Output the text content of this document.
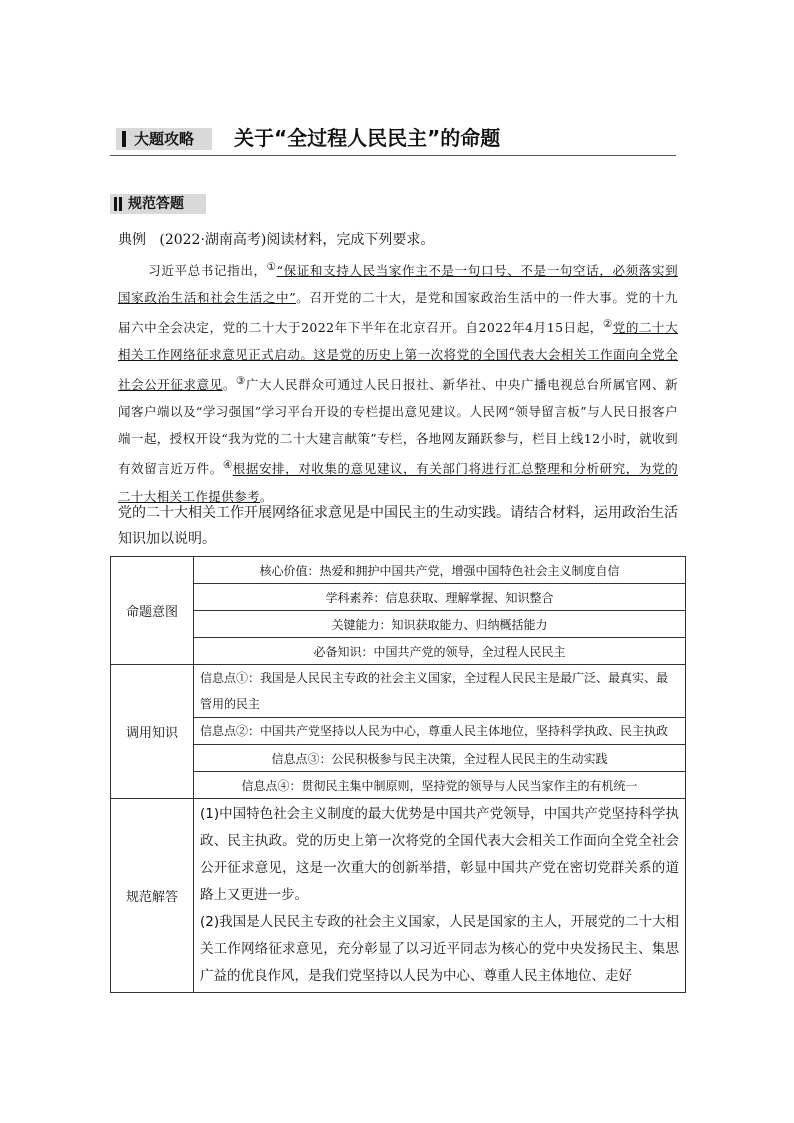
大题攻略	关于“全过程人民民主”的命题
规范答题
典例 (2022·湖南高考)阅读材料，完成下列要求。
习近平总书记指出，①“保证和支持人民当家作主不是一句口号、不是一句空话，必须落实到国家政治生活和社会生活之中”。召开党的二十大，是党和国家政治生活中的一件大事。党的十九届六中全会决定，党的二十大于2022年下半年在北京召开。自2022年4月15日起，②党的二十大相关工作网络征求意见正式启动。这是党的历史上第一次将党的全国代表大会相关工作面向全党全社会公开征求意见。③广大人民群众可通过人民日报社、新华社、中央广播电视总台所属官网、新闻客户端以及“学习强国”学习平台开设的专栏提出意见建议。人民网“领导留言板”与人民日报客户端一起，授权开设“我为党的二十大建言献策”专栏，各地网友踊跃参与，栏目上线12小时，就收到有效留言近万件。④根据安排，对收集的意见建议，有关部门将进行汇总整理和分析研究，为党的二十大相关工作提供参考。
党的二十大相关工作开展网络征求意见是中国民主的生动实践。请结合材料，运用政治生活知识加以说明。
命题意图	核心价值：热爱和拥护中国共产党，增强中国特色社会主义制度自信
	学科素养：信息获取、理解掌握、知识整合
	关键能力：知识获取能力、归纳概括能力
	必备知识：中国共产党的领导，全过程人民民主
调用知识	信息点①：我国是人民民主专政的社会主义国家，全过程人民民主是最广泛、最真实、最管用的民主
	信息点②：中国共产党坚持以人民为中心，尊重人民主体地位，坚持科学执政、民主执政
	信息点③：公民积极参与民主决策，全过程人民民主的生动实践
	信息点④：贯彻民主集中制原则，坚持党的领导与人民当家作主的有机统一
规范解答	(1)中国特色社会主义制度的最大优势是中国共产党领导，中国共产党坚持科学执政、民主执政。党的历史上第一次将党的全国代表大会相关工作面向全党全社会公开征求意见，这是一次重大的创新举措，彰显中国共产党在密切党群关系的道路上又更进一步。
(2)我国是人民民主专政的社会主义国家，人民是国家的主人，开展党的二十大相关工作网络征求意见，充分彰显了以习近平同志为核心的党中央发扬民主、集思广益的优良作风，是我们党坚持以人民为中心、尊重人民主体地位、走好
